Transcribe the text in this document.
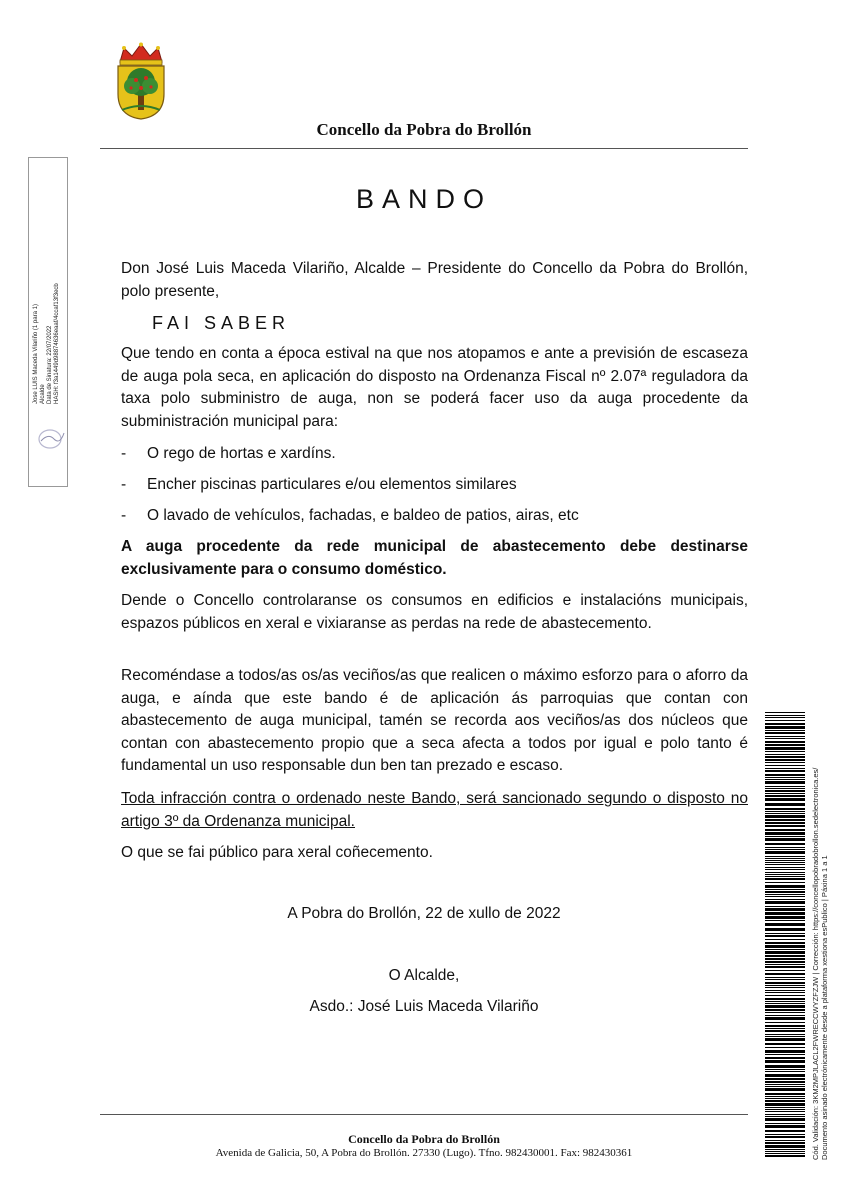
Concello da Pobra do Brollón
BANDO
Don José Luis Maceda Vilariño, Alcalde – Presidente do Concello da Pobra do Brollón, polo presente,
FAI SABER
Que tendo en conta a época estival na que nos atopamos e ante a previsión de escaseza de auga pola seca, en aplicación do disposto na Ordenanza Fiscal nº 2.07ª reguladora da taxa polo subministro de auga, non se poderá facer uso da auga procedente da subministración municipal para:
- O rego de hortas e xardíns.
- Encher piscinas particulares e/ou elementos similares
- O lavado de vehículos, fachadas, e baldeo de patios, airas, etc
A auga procedente da rede municipal de abastecemento debe destinarse exclusivamente para o consumo doméstico.
Dende o Concello controlaranse os consumos en edificios e instalacións municipais, espazos públicos en xeral e vixiaranse as perdas na rede de abastecemento.
Recoméndase a todos/as os/as veciños/as que realicen o máximo esforzo para o aforro da auga, e aínda que este bando é de aplicación ás parroquias que contan con abastecemento de auga municipal, tamén se recorda aos veciños/as dos núcleos que contan con abastecemento propio que a seca afecta a todos por igual e polo tanto é fundamental un uso responsable dun ben tan prezado e escaso.
Toda infracción contra o ordenado neste Bando, será sancionado segundo o disposto no artigo 3º da Ordenanza municipal.
O que se fai público para xeral coñecemento.
A Pobra do Brollón, 22 de xullo de 2022
O Alcalde,
Asdo.: José Luis Maceda Vilariño
Concello da Pobra do Brollón
Avenida de Galicia, 50, A Pobra do Brollón. 27330 (Lugo). Tfno. 982430001. Fax: 982430361
Jose LUIS Maceda Vilariño (1 para 1) Alcalde Data de Sinatura: 22/07/2022 HASH: f3a1449d98874636eaaf/4ccaf13f3ecb
Cód. Validación: 3KM2MPJLACL2FWRECCWYZFZJW | Corrección: https://concellopobradobrollon.sedelectronica.es/ Documento asinado electrónicamente desde a plataforma xestiona esPublico | Páxina 1 a 1
